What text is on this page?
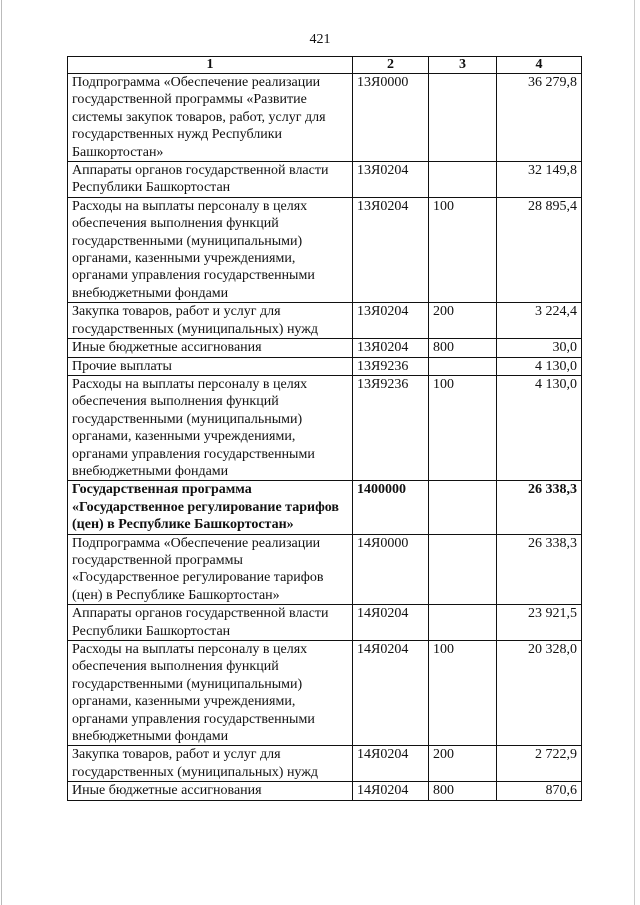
421
1	2	3	4
Подпрограмма «Обеспечение реализации государственной программы «Развитие системы закупок товаров, работ, услуг для государственных нужд Республики Башкортостан»	13Я0000		36 279,8
Аппараты органов государственной власти Республики Башкортостан	13Я0204		32 149,8
Расходы на выплаты персоналу в целях обеспечения выполнения функций государственными (муниципальными) органами, казенными учреждениями, органами управления государственными внебюджетными фондами	13Я0204	100	28 895,4
Закупка товаров, работ и услуг для государственных (муниципальных) нужд	13Я0204	200	3 224,4
Иные бюджетные ассигнования	13Я0204	800	30,0
Прочие выплаты	13Я9236		4 130,0
Расходы на выплаты персоналу в целях обеспечения выполнения функций государственными (муниципальными) органами, казенными учреждениями, органами управления государственными внебюджетными фондами	13Я9236	100	4 130,0
Государственная программа «Государственное регулирование тарифов (цен) в Республике Башкортостан»	1400000		26 338,3
Подпрограмма «Обеспечение реализации государственной программы «Государственное регулирование тарифов (цен) в Республике Башкортостан»	14Я0000		26 338,3
Аппараты органов государственной власти Республики Башкортостан	14Я0204		23 921,5
Расходы на выплаты персоналу в целях обеспечения выполнения функций государственными (муниципальными) органами, казенными учреждениями, органами управления государственными внебюджетными фондами	14Я0204	100	20 328,0
Закупка товаров, работ и услуг для государственных (муниципальных) нужд	14Я0204	200	2 722,9
Иные бюджетные ассигнования	14Я0204	800	870,6
